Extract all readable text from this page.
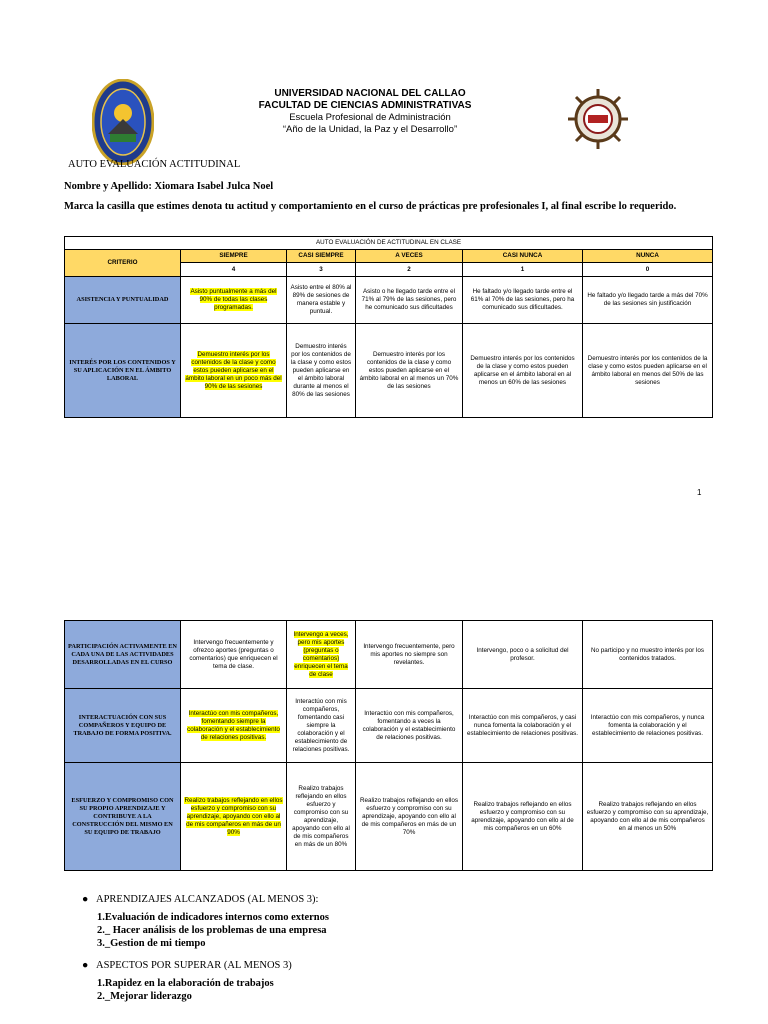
UNIVERSIDAD NACIONAL DEL CALLAO
FACULTAD DE CIENCIAS ADMINISTRATIVAS
Escuela Profesional de Administración
“Año de la Unidad, la Paz y el Desarrollo”
AUTO EVALUACIÓN ACTITUDINAL
Nombre y Apellido: Xiomara Isabel Julca Noel
Marca la casilla que estimes denota tu actitud y comportamiento en el curso de prácticas pre profesionales I, al final escribe lo requerido.
AUTO EVALUACIÓN DE ACTITUDINAL EN CLASE					
CRITERIO	SIEMPRE	CASI SIEMPRE	A VECES	CASI NUNCA	NUNCA
	4	3	2	1	0
ASISTENCIA Y PUNTUALIDAD	Asisto puntualmente a más del 90% de todas las clases programadas.	Asisto entre el 80% al 89% de sesiones de manera estable y puntual.	Asisto o he llegado tarde entre el 71% al 79% de las sesiones, pero he comunicado sus dificultades	He faltado y/o llegado tarde entre el 61% al 70% de las sesiones, pero ha comunicado sus dificultades.	He faltado y/o llegado tarde a más del 70% de las sesiones sin justificación
INTERÉS POR LOS CONTENIDOS Y SU APLICACIÓN EN EL ÁMBITO LABORAL	Demuestro interés por los contenidos de la clase y como estos pueden aplicarse en el ámbito laboral en un poco más del 90% de las sesiones	Demuestro interés por los contenidos de la clase y como estos pueden aplicarse en el ámbito laboral durante al menos el 80% de las sesiones	Demuestro interés por los contenidos de la clase y como estos pueden aplicarse en el ámbito laboral en al menos un 70% de las sesiones	Demuestro interés por los contenidos de la clase y como estos pueden aplicarse en el ámbito laboral en al menos un 60% de las sesiones	Demuestro interés por los contenidos de la clase y como estos pueden aplicarse en el ámbito laboral en menos del 50% de las sesiones
1
PARTICIPACIÓN ACTIVAMENTE EN CADA UNA DE LAS ACTIVIDADES DESARROLLADAS EN EL CURSO	Intervengo frecuentemente y ofrezco aportes (preguntas o comentarios) que enriquecen el tema de clase.	Intervengo a veces, pero mis aportes (preguntas o comentarios) enriquecen el tema de clase	Intervengo frecuentemente, pero mis aportes no siempre son revelantes.	Intervengo, poco o a solicitud del profesor.	No participo y no muestro interés por los contenidos tratados.
INTERACTUACIÓN CON SUS COMPAÑEROS Y EQUIPO DE TRABAJO DE FORMA POSITIVA.	Interactúo con mis compañeros, fomentando siempre la colaboración y el establecimiento de relaciones positivas.	Interactúo con mis compañeros, fomentando casi siempre la colaboración y el establecimiento de relaciones positivas.	Interactúo con mis compañeros, fomentando a veces la colaboración y el establecimiento de relaciones positivas.	Interactúo con mis compañeros, y casi nunca fomenta la colaboración y el establecimiento de relaciones positivas.	Interactúo con mis compañeros, y nunca fomenta la colaboración y el establecimiento de relaciones positivas.
ESFUERZO Y COMPROMISO CON SU PROPIO APRENDIZAJE Y CONTRIBUYE A LA CONSTRUCCIÓN DEL MISMO EN SU EQUIPO DE TRABAJO	Realizo trabajos reflejando en ellos esfuerzo y compromiso con su aprendizaje, apoyando con ello al de mis compañeros en más de un 90%	Realizo trabajos reflejando en ellos esfuerzo y compromiso con su aprendizaje, apoyando con ello al de mis compañeros en más de un 80%	Realizo trabajos reflejando en ellos esfuerzo y compromiso con su aprendizaje, apoyando con ello al de mis compañeros en más de un 70%	Realizo trabajos reflejando en ellos esfuerzo y compromiso con su aprendizaje, apoyando con ello al de mis compañeros en un 60%	Realizo trabajos reflejando en ellos esfuerzo y compromiso con su aprendizaje, apoyando con ello al de mis compañeros en al menos un 50%
● APRENDIZAJES ALCANZADOS (AL MENOS 3):
1.Evaluación de indicadores internos como externos
2._ Hacer análisis de los problemas de una empresa
3._Gestion de mi tiempo
● ASPECTOS POR SUPERAR (AL MENOS 3)
1.Rapidez en la elaboración de trabajos
2._Mejorar liderazgo
